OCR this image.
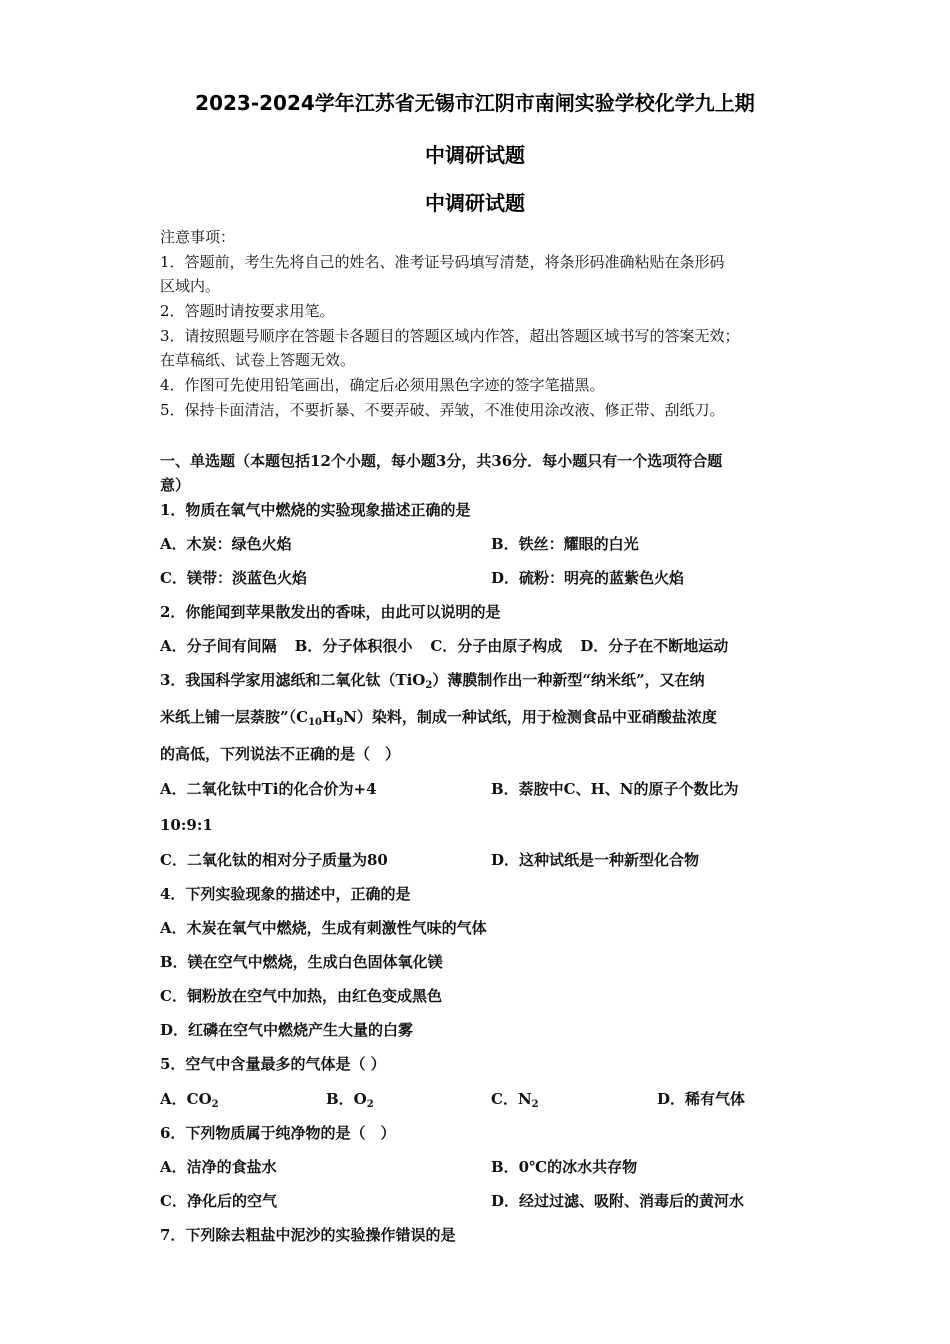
2023-2024学年江苏省无锡市江阴市南闸实验学校化学九上期
中调研试题
中调研试题
注意事项：
1．答题前，考生先将自己的姓名、准考证号码填写清楚，将条形码准确粘贴在条形码
区域内。
2．答题时请按要求用笔。
3．请按照题号顺序在答题卡各题目的答题区域内作答，超出答题区域书写的答案无效；
在草稿纸、试卷上答题无效。
4．作图可先使用铅笔画出，确定后必须用黑色字迹的签字笔描黑。
5．保持卡面清洁，不要折暴、不要弄破、弄皱，不准使用涂改液、修正带、刮纸刀。
一、单选题（本题包括12个小题，每小题3分，共36分．每小题只有一个选项符合题
意）
1．物质在氧气中燃烧的实验现象描述正确的是
A．木炭：绿色火焰	B．铁丝：耀眼的白光
C．镁带：淡蓝色火焰	D．硫粉：明亮的蓝紫色火焰
2．你能闻到苹果散发出的香味，由此可以说明的是
A．分子间有间隔 B．分子体积很小 C．分子由原子构成 D．分子在不断地运动
3．我国科学家用滤纸和二氧化钛（TiO$_2$）薄膜制作出一种新型“纳米纸”，又在纳
米纸上铺一层萘胺$”(C_{10}H_9N)$染料，制成一种试纸，用于检测食品中亚硝酸盐浓度
的高低，下列说法不正确的是（　）
A．二氧化钛中Ti的化合价为+4	B．萘胺中C、H、N的原子个数比为
10:9:1
C．二氧化钛的相对分子质量为80	D．这种试纸是一种新型化合物
4．下列实验现象的描述中，正确的是
A．木炭在氧气中燃烧，生成有刺激性气味的气体
B．镁在空气中燃烧，生成白色固体氧化镁
C．铜粉放在空气中加热，由红色变成黑色
D．红磷在空气中燃烧产生大量的白雾
5．空气中含量最多的气体是（ ）
A．$CO_2$	B．$O_2$	C．$N_2$	D．稀有气体
6．下列物质属于纯净物的是（　）
A．洁净的食盐水	B．0℃的冰水共存物
C．净化后的空气	D．经过过滤、吸附、消毒后的黄河水
7．下列除去粗盐中泥沙的实验操作错误的是
